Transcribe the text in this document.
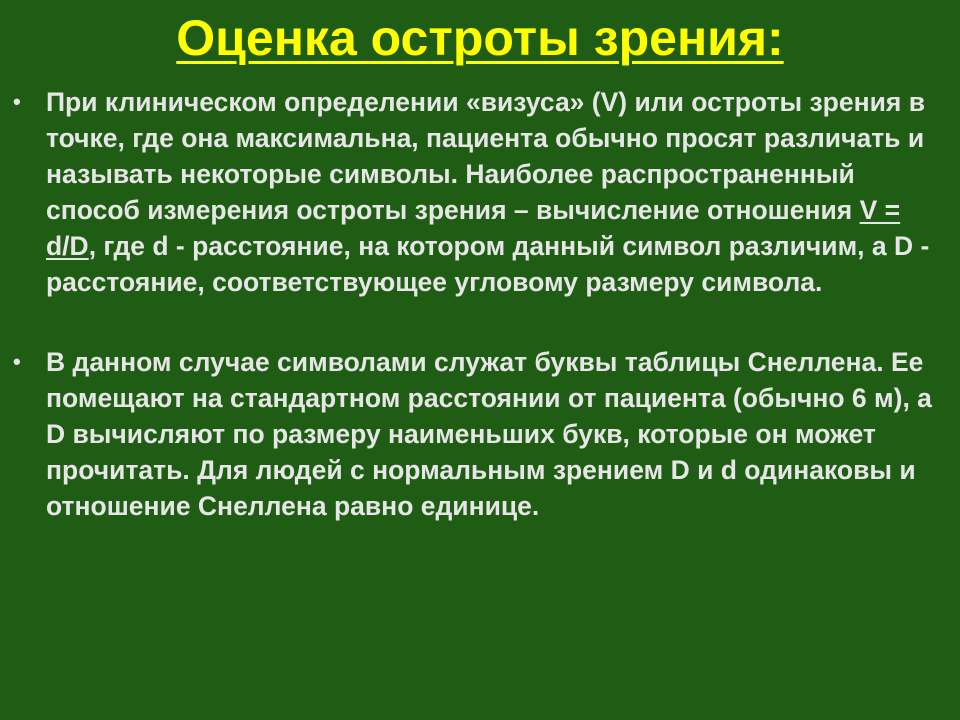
Оценка остроты зрения:
• При клиническом определении «визуса» (V) или остроты зрения в точке, где она максимальна, пациента обычно просят различать и называть некоторые символы. Наиболее распространенный способ измерения остроты зрения – вычисление отношения V = d/D, где d - расстояние, на котором данный символ различим, а D - расстояние, соответствующее угловому размеру символа.
• В данном случае символами служат буквы таблицы Снеллена. Ее помещают на стандартном расстоянии от пациента (обычно 6 м), а D вычисляют по размеру наименьших букв, которые он может прочитать. Для людей с нормальным зрением D и d одинаковы и отношение Снеллена равно единице.
